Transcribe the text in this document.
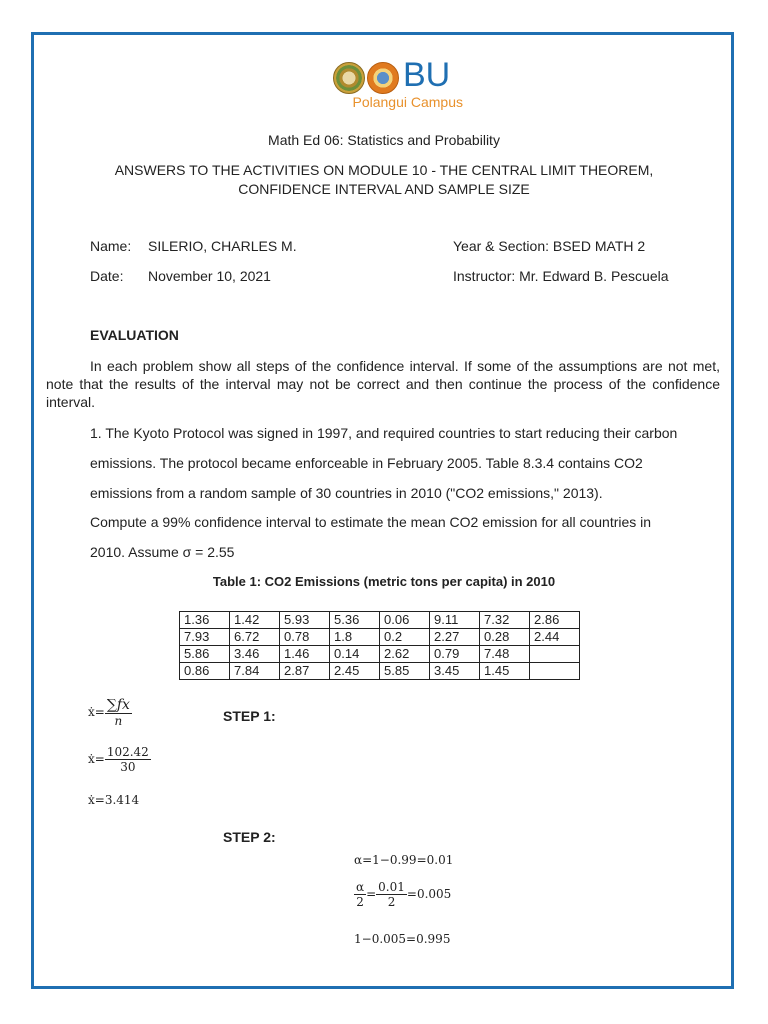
BU
Polangui Campus
Math Ed 06: Statistics and Probability
ANSWERS TO THE ACTIVITIES ON MODULE 10 - THE CENTRAL LIMIT THEOREM,
CONFIDENCE INTERVAL AND SAMPLE SIZE
Name: SILERIO, CHARLES M.	Year & Section: BSED MATH 2
Date: November 10, 2021	Instructor: Mr. Edward B. Pescuela
EVALUATION
In each problem show all steps of the confidence interval. If some of the assumptions are not met, note that the results of the interval may not be correct and then continue the process of the confidence interval.
1. The Kyoto Protocol was signed in 1997, and required countries to start reducing their carbon
emissions. The protocol became enforceable in February 2005. Table 8.3.4 contains CO2
emissions from a random sample of 30 countries in 2010 ("CO2 emissions," 2013).
Compute a 99% confidence interval to estimate the mean CO2 emission for all countries in
2010. Assume σ = 2.55
Table 1: CO2 Emissions (metric tons per capita) in 2010
1.36	1.42	5.93	5.36	0.06	9.11	7.32	2.86
7.93	6.72	0.78	1.8	0.2	2.27	0.28	2.44
5.86	3.46	1.46	0.14	2.62	0.79	7.48	
0.86	7.84	2.87	2.45	5.85	3.45	1.45	
ẋ= $\frac{\sum fx}{n}$
ẋ= $\frac{102.42}{30}$
ẋ=3.414
STEP 1:
STEP 2:
α=1−0.99=0.01
$\frac{\alpha}{2} = \frac{0.01}{2} =0.005$
1−0.005=0.995
